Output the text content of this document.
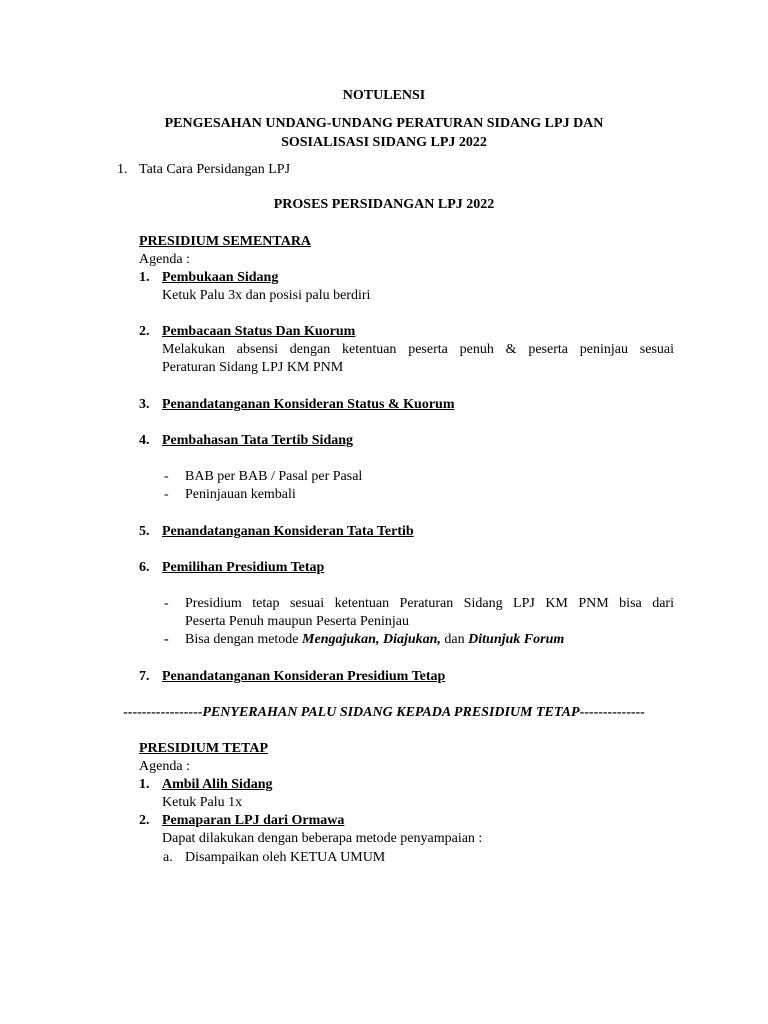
NOTULENSI
PENGESAHAN UNDANG-UNDANG PERATURAN SIDANG LPJ DAN
SOSIALISASI SIDANG LPJ 2022
1. Tata Cara Persidangan LPJ
PROSES PERSIDANGAN LPJ 2022
PRESIDIUM SEMENTARA
Agenda :
1. Pembukaan Sidang
Ketuk Palu 3x dan posisi palu berdiri
2. Pembacaan Status Dan Kuorum
Melakukan absensi dengan ketentuan peserta penuh & peserta peninjau sesuai
Peraturan Sidang LPJ KM PNM
3. Penandatanganan Konsideran Status & Kuorum
4. Pembahasan Tata Tertib Sidang
- BAB per BAB / Pasal per Pasal
- Peninjauan kembali
5. Penandatanganan Konsideran Tata Tertib
6. Pemilihan Presidium Tetap
- Presidium tetap sesuai ketentuan Peraturan Sidang LPJ KM PNM bisa dari
Peserta Penuh maupun Peserta Peninjau
- Bisa dengan metode Mengajukan, Diajukan, dan Ditunjuk Forum
7. Penandatanganan Konsideran Presidium Tetap
-----------------PENYERAHAN PALU SIDANG KEPADA PRESIDIUM TETAP--------------
PRESIDIUM TETAP
Agenda :
1. Ambil Alih Sidang
Ketuk Palu 1x
2. Pemaparan LPJ dari Ormawa
Dapat dilakukan dengan beberapa metode penyampaian :
a. Disampaikan oleh KETUA UMUM
